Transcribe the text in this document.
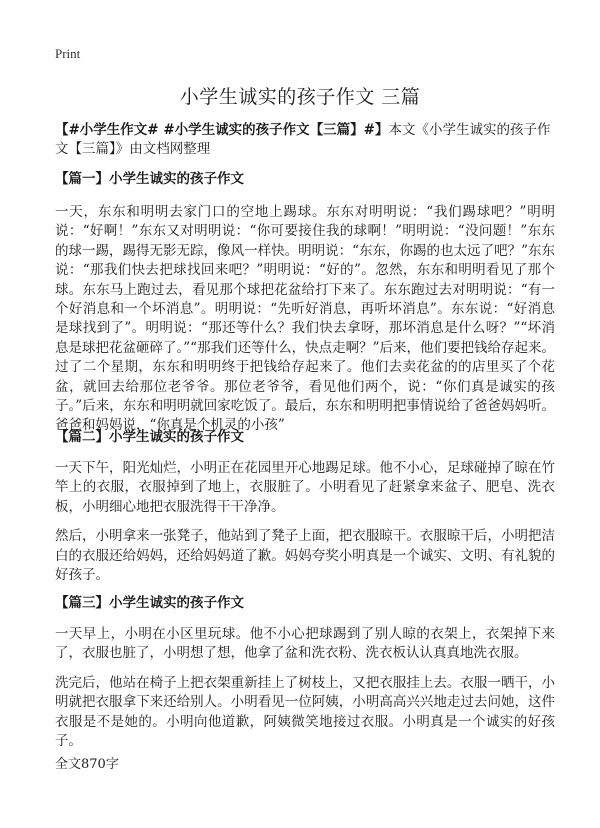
Print
小学生诚实的孩子作文 三篇

【#小学生作文# #小学生诚实的孩子作文【三篇】#】本文《小学生诚实的孩子作文【三篇】》由文档网整理

【篇一】小学生诚实的孩子作文

一天，东东和明明去家门口的空地上踢球。东东对明明说：“我们踢球吧？”明明说：“好啊！”东东又对明明说：“你可要接住我的球啊！”明明说：“没问题！”东东的球一踢，踢得无影无踪，像风一样快。明明说：“东东，你踢的也太远了吧？”东东说：“那我们快去把球找回来吧？”明明说：“好的”。忽然，东东和明明看见了那个球。东东马上跑过去，看见那个球把花盆给打下来了。东东跑过去对明明说：“有一个好消息和一个坏消息”。明明说：“先听好消息，再听坏消息”。东东说：“好消息是球找到了”。明明说：“那还等什么？我们快去拿呀，那坏消息是什么呀？”“坏消息是球把花盆砸碎了。”“那我们还等什么，快点走啊？”后来，他们要把钱给存起来。过了二个星期，东东和明明终于把钱给存起来了。他们去卖花盆的的店里买了个花盆，就回去给那位老爷爷。那位老爷爷，看见他们两个，说：“你们真是诚实的孩子。”后来，东东和明明就回家吃饭了。最后，东东和明明把事情说给了爸爸妈妈听。爸爸和妈妈说，“你真是个机灵的小孩”

【篇二】小学生诚实的孩子作文

一天下午，阳光灿烂，小明正在花园里开心地踢足球。他不小心，足球碰掉了晾在竹竿上的衣服，衣服掉到了地上，衣服脏了。小明看见了赶紧拿来盆子、肥皂、洗衣板，小明细心地把衣服洗得干干净净。

然后，小明拿来一张凳子，他站到了凳子上面，把衣服晾干。衣服晾干后，小明把洁白的衣服还给妈妈，还给妈妈道了歉。妈妈夸奖小明真是一个诚实、文明、有礼貌的好孩子。

【篇三】小学生诚实的孩子作文

一天早上，小明在小区里玩球。他不小心把球踢到了别人晾的衣架上，衣架掉下来了，衣服也脏了，小明想了想，他拿了盆和洗衣粉、洗衣板认认真真地洗衣服。

洗完后，他站在椅子上把衣架重新挂上了树枝上，又把衣服挂上去。衣服一晒干，小明就把衣服拿下来还给别人。小明看见一位阿姨，小明高高兴兴地走过去问她，这件衣服是不是她的。小明向他道歉，阿姨微笑地接过衣服。小明真是一个诚实的好孩子。

全文870字
